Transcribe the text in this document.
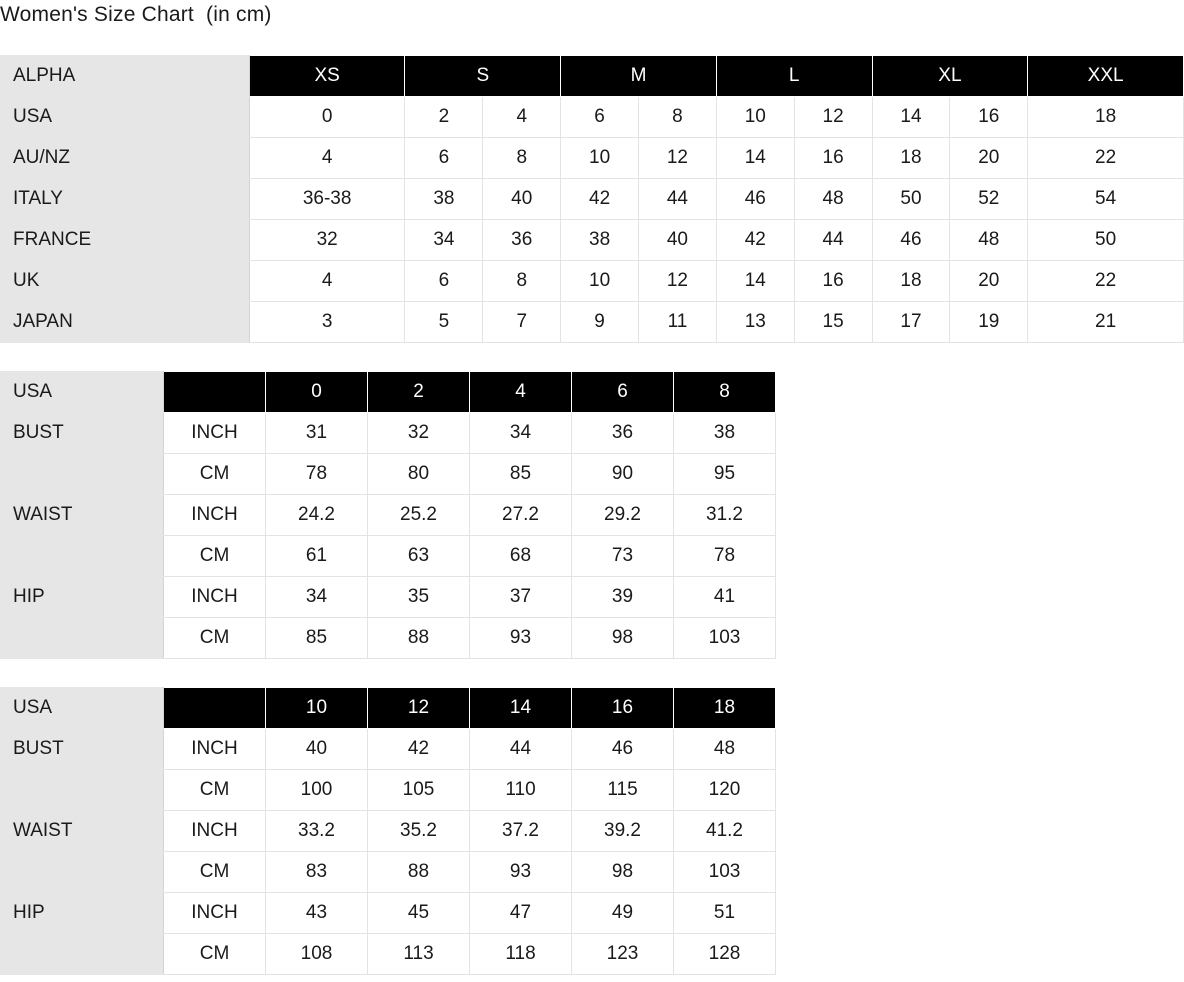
Women's Size Chart  (in cm)
ALPHA	XS	S		M		L		XL		XXL
USA	0	2	4	6	8	10	12	14	16	18
AU/NZ	4	6	8	10	12	14	16	18	20	22
ITALY	36-38	38	40	42	44	46	48	50	52	54
FRANCE	32	34	36	38	40	42	44	46	48	50
UK	4	6	8	10	12	14	16	18	20	22
JAPAN	3	5	7	9	11	13	15	17	19	21
USA		0	2	4	6	8
BUST	INCH	31	32	34	36	38
	CM	78	80	85	90	95
WAIST	INCH	24.2	25.2	27.2	29.2	31.2
	CM	61	63	68	73	78
HIP	INCH	34	35	37	39	41
	CM	85	88	93	98	103
USA		10	12	14	16	18
BUST	INCH	40	42	44	46	48
	CM	100	105	110	115	120
WAIST	INCH	33.2	35.2	37.2	39.2	41.2
	CM	83	88	93	98	103
HIP	INCH	43	45	47	49	51
	CM	108	113	118	123	128
